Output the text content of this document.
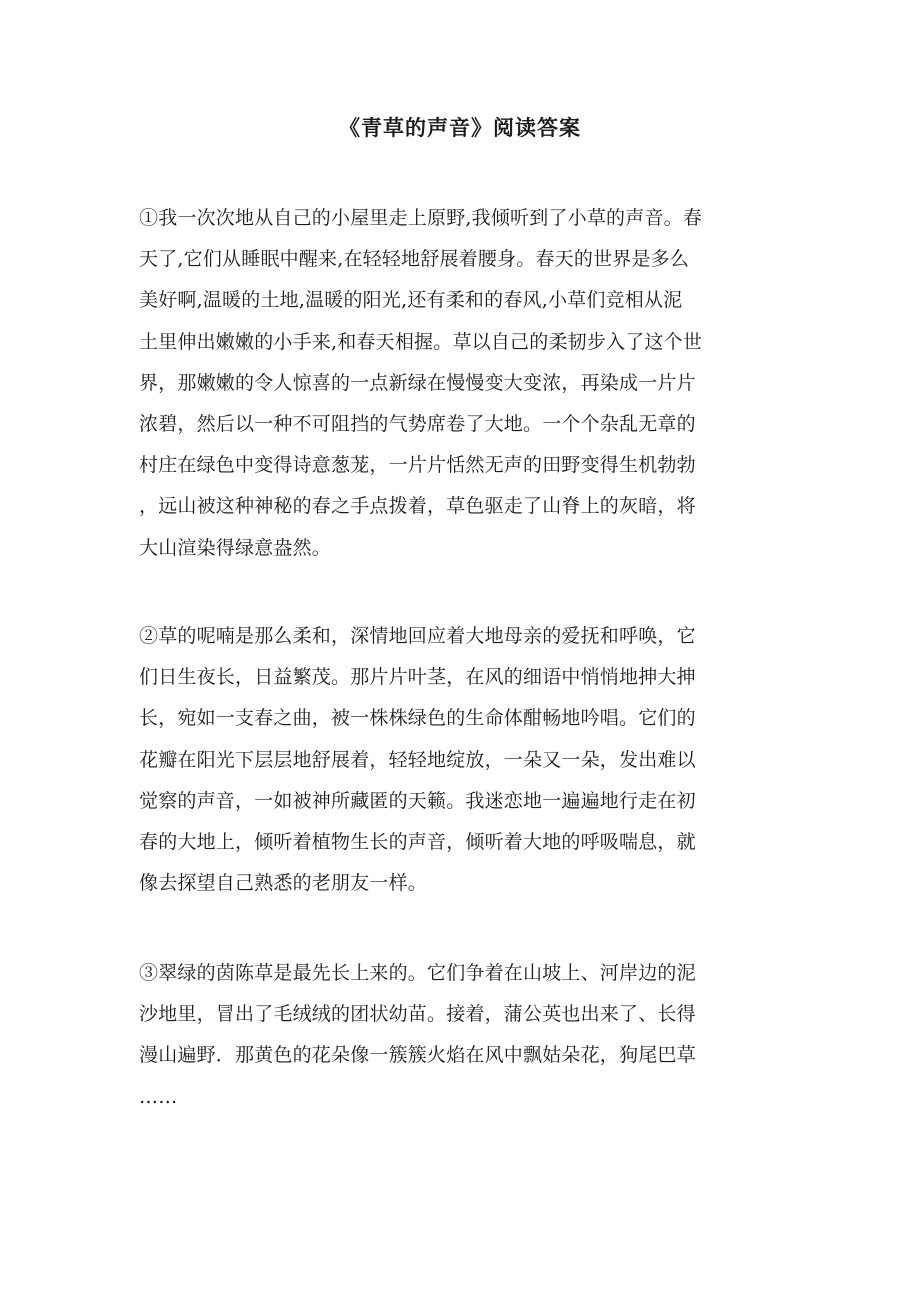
《青草的声音》阅读答案
①我一次次地从自己的小屋里走上原野,我倾听到了小草的声音。春
天了,它们从睡眠中醒来,在轻轻地舒展着腰身。春天的世界是多么
美好啊,温暖的土地,温暖的阳光,还有柔和的春风,小草们竞相从泥
土里伸出嫩嫩的小手来,和春天相握。草以自己的柔韧步入了这个世
界，那嫩嫩的令人惊喜的一点新绿在慢慢变大变浓，再染成一片片
浓碧，然后以一种不可阻挡的气势席卷了大地。一个个杂乱无章的
村庄在绿色中变得诗意葱茏，一片片恬然无声的田野变得生机勃勃
，远山被这种神秘的春之手点拨着，草色驱走了山脊上的灰暗，将
大山渲染得绿意盎然。
②草的呢喃是那么柔和，深情地回应着大地母亲的爱抚和呼唤，它
们日生夜长，日益繁茂。那片片叶茎，在风的细语中悄悄地抻大抻
长，宛如一支春之曲，被一株株绿色的生命体酣畅地吟唱。它们的
花瓣在阳光下层层地舒展着，轻轻地绽放，一朵又一朵，发出难以
觉察的声音，一如被神所藏匿的天籁。我迷恋地一遍遍地行走在初
春的大地上，倾听着植物生长的声音，倾听着大地的呼吸喘息，就
像去探望自己熟悉的老朋友一样。
③翠绿的茵陈草是最先长上来的。它们争着在山坡上、河岸边的泥
沙地里，冒出了毛绒绒的团状幼苗。接着，蒲公英也出来了、长得
漫山遍野．那黄色的花朵像一簇簇火焰在风中飘姑朵花，狗尾巴草
……
